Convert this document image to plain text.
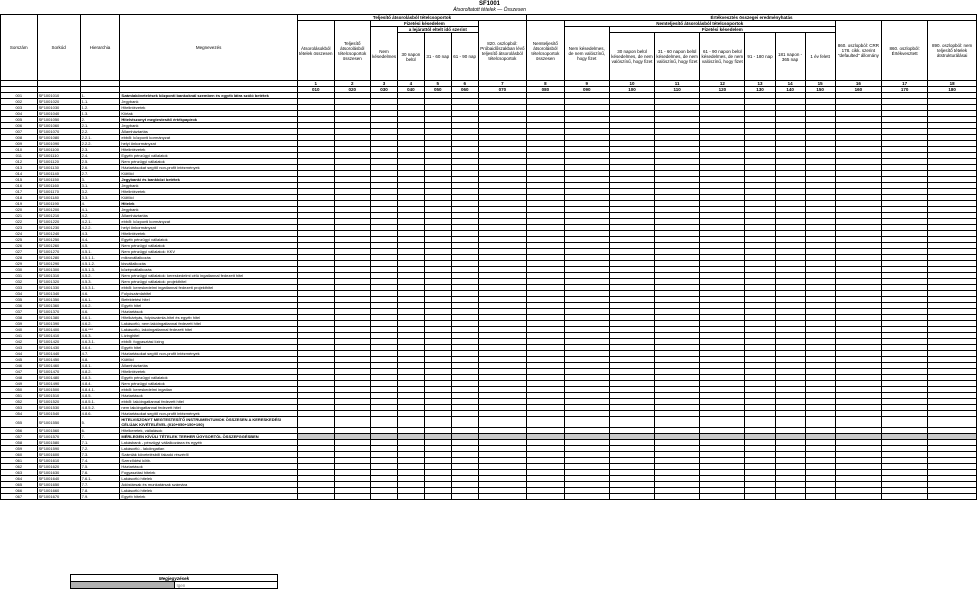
SF1001
Átsoroltatott tételek — Összesen
Sorszám	Sorkód	Hierarchia	Megnevezés	Teljesítő átsorolásból tételcsoportok							Értékvesztés összegei eredményhatás										
				Átsorolásokból tételek összesen	Teljesítő átsorolásból tételcsoportok összesen	Fizetési késedelem				820. oszlopból: Próbaidőszakban lévő teljesítő átsorolásból tételcsoportok	Nemteljesítő átsorolásból tételcsoportok összesen	Nemteljesítő átsorolásból tételcsoportok							860. oszlopból: CRR 178. cikk. szerint "defaulted" állomány	860. oszlopból: Értékvesztett	890. oszlopból: nem teljesítő tételek átstrukturálásai
						Nem késedelmes	a lejárattól eltelt idő szerint					Nem késedelmes, de nem valószínű, hogy fizet	Fizetési késedelem								
							30 napon belül	31 - 60 nap	61 - 90 nap				30 napon belül késedelmes, de nem valószínű, hogy fizet	31 - 60 napon belül késedelmes, de nem valószínű, hogy fizet	61 - 90 napon belül késedelmes, de nem valószínű, hogy fizet	91 - 180 nap	181 napon - 365 nap	1 év felett			
				1	2	3	4	5	6	7	8	9	10	11	12	13	14	15	16	17	18
				010	020	030	040	050	060	070	080	090	100	110	120	130	140	150	160	170	180
001	SF1001010	1.	Számlakövetelések központi bankoknál szemben és egyéb látra szóló betétek																		
002	SF1001020	1.1.	Jegybank																		
003	SF1001030	1.2.	Hitelintézetek																		
004	SF1001040	1.3.	Kiírtak																		
005	SF1001050	2.	Hitelviszonyt megtestesítő értékpapírok																		
006	SF1001060	2.1.	Jegybank																		
007	SF1001070	2.2.	Államháztartás																		
008	SF1001080	2.2.1.	ebből: központi kormányzat																		
009	SF1001090	2.2.2.	helyi önkormányzat																		
010	SF1001100	2.3.	Hitelintézetek																		
011	SF1001110	2.4.	Egyéb pénzügyi vállalatok																		
012	SF1001120	2.5.	Nem pénzügyi vállalatok																		
013	SF1001130	2.6.	Háztartásokat segítő non-profit intézmények																		
014	SF1001140	2.7.	Külföld																		
015	SF1001150	3.	Jegybanki és bankközi betétek																		
016	SF1001160	3.1.	Jegybank																		
017	SF1001170	3.2.	Hitelintézetek																		
018	SF1001180	3.3.	Külföld																		
019	SF1001190	4.	Hitelek																		
020	SF1001200	4.1.	Jegybank																		
021	SF1001210	4.2.	Államháztartás																		
022	SF1001220	4.2.1.	ebből: központi kormányzat																		
023	SF1001230	4.2.2.	helyi önkormányzat																		
024	SF1001240	4.3.	Hitelintézetek																		
025	SF1001250	4.4.	Egyéb pénzügyi vállalatok																		
026	SF1001260	4.5.	Nem pénzügyi vállalatok																		
027	SF1001270	4.5.1.	Nem pénzügyi vállalatok: KKV																		
028	SF1001280	4.5.1.1.	mikrovállalkozás																		
029	SF1001290	4.5.1.2.	kisvállalkozás																		
030	SF1001300	4.5.1.3.	középvállalkozás																		
031	SF1001310	4.5.2.	Nem pénzügyi vállalatok: kereskedelmi célú ingatlannal fedezett hitel																		
032	SF1001320	4.5.3.	Nem pénzügyi vállalatok: projekthitel																		
033	SF1001330	4.5.3.1.	ebből: kereskedelmi ingatlannal fedezett projekthitel																		
034	SF1001340	4.6.	Folyószámlahitel																		
035	SF1001350	4.6.1.	Befektetési hitel																		
036	SF1001360	4.6.2.	Egyéb hitel																		
037	SF1001370	4.6.	Háztartások																		
038	SF1001380	4.6.1.	Hitelkártyás, folyószámla-hitel és egyéb hitel																		
039	SF1001390	4.6.2.	Lakáscélú, nem lakóingatlannal fedezett hitel																		
040	SF1001400	4.6.***	Lakáscélú, lakóingatlannal fedezett hitel																		
041	SF1001410	4.6.3.	Lízinghitel																		
042	SF1001420	4.6.3.1.	ebből: fogyasztási lízing																		
043	SF1001430	4.6.4.	Egyéb hitel																		
044	SF1001440	4.7.	Háztartásokat segítő non-profit intézmények																		
045	SF1001450	4.8.	Külföld																		
046	SF1001460	4.8.1.	Államháztartás																		
047	SF1001470	4.8.2.	Hitelintézetek																		
048	SF1001480	4.8.3.	Egyéb pénzügyi vállalatok																		
049	SF1001490	4.8.4.	Nem pénzügyi vállalatok																		
050	SF1001500	4.8.4.1.	ebből: kereskedelmi ingatlan																		
051	SF1001510	4.8.5.	Háztartások																		
052	SF1001520	4.8.5.1.	ebből: lakóingatlannal fedezett hitel																		
053	SF1001530	4.8.5.2.	nem lakóingatlannal fedezett hitel																		
054	SF1001540	4.8.6.	Háztartásokat segítő non-profit intézmények																		
055	SF1001550	5.	HITELVISZONYT MEGTESTESÍTŐ INSTRUMENTUMOK ÖSSZESEN A KERESKEDÉSI CÉLÚAK KIVÉTELÉVEL (010+050+150+190)																		
056	SF1001560	6.	Hitelkeretek, vállalások																		
057	SF1001570	7.	MÉRLEGEN KÍVÜLI TÉTELEK TERHER ÜGYSORTÓL ÖSSZEFGGÉSBEN																		
058	SF1001580	7.1.	Lakásbank - pénzügyi vállalkozásra és egyéb																		
059	SF1001590	7.2.	Lakáscélú - lakóingatlan																		
060	SF1001600	7.3.	Számlák követelésből fakadó részéről																		
061	SF1001610	7.4.	Szerződési kötb.																		
062	SF1001620	7.5.	Háztartások																		
063	SF1001630	7.6.	Fogyasztási hitelek																		
064	SF1001640	7.6.1.	Lakáscélú hitelek																		
065	SF1001650	7.7.	Adóstársak és munkatársak számára																		
066	SF1001660	7.8.	Lakáscélú hitelek																		
067	SF1001670	7.9.	Egyéb hitelek																		
Megjegyzések
	Igen
